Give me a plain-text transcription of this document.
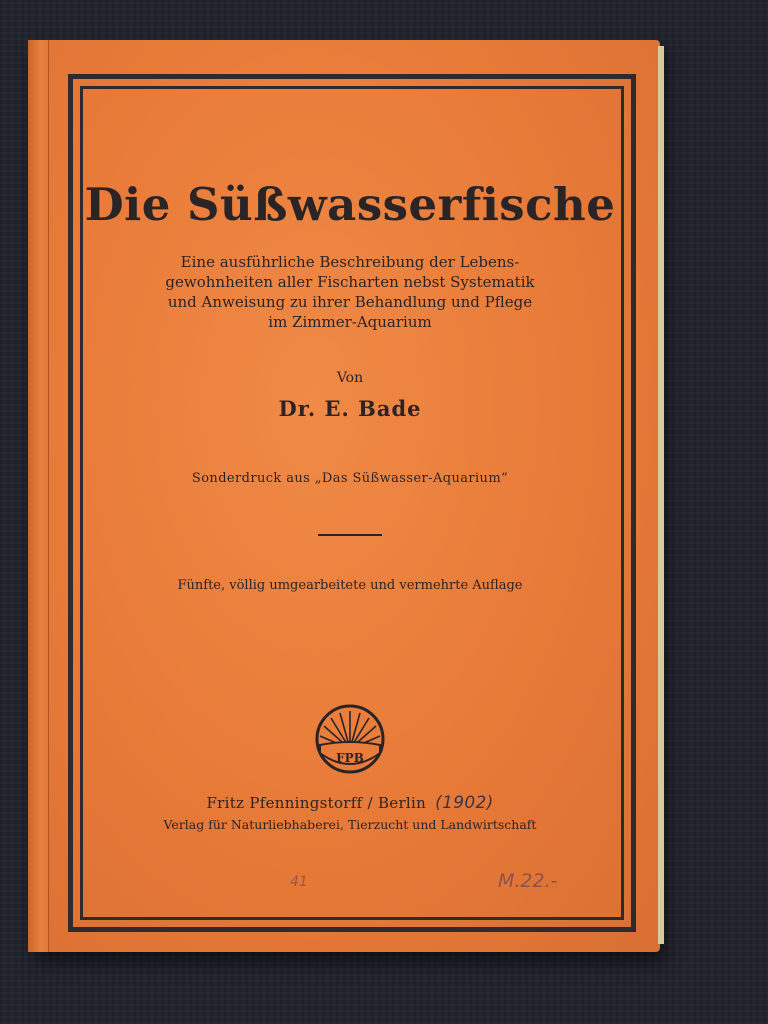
Die Süßwasserfische
Eine ausführliche Beschreibung der Lebens-
gewohnheiten aller Fischarten nebst Systematik
und Anweisung zu ihrer Behandlung und Pflege
im Zimmer-Aquarium
Von
Dr. E. Bade
Sonderdruck aus „Das Süßwasser-Aquarium“
Fünfte, völlig umgearbeitete und vermehrte Auflage
FPB
Fritz Pfenningstorff / Berlin (1902)
Verlag für Naturliebhaberei, Tierzucht und Landwirtschaft
41	M.22.-
